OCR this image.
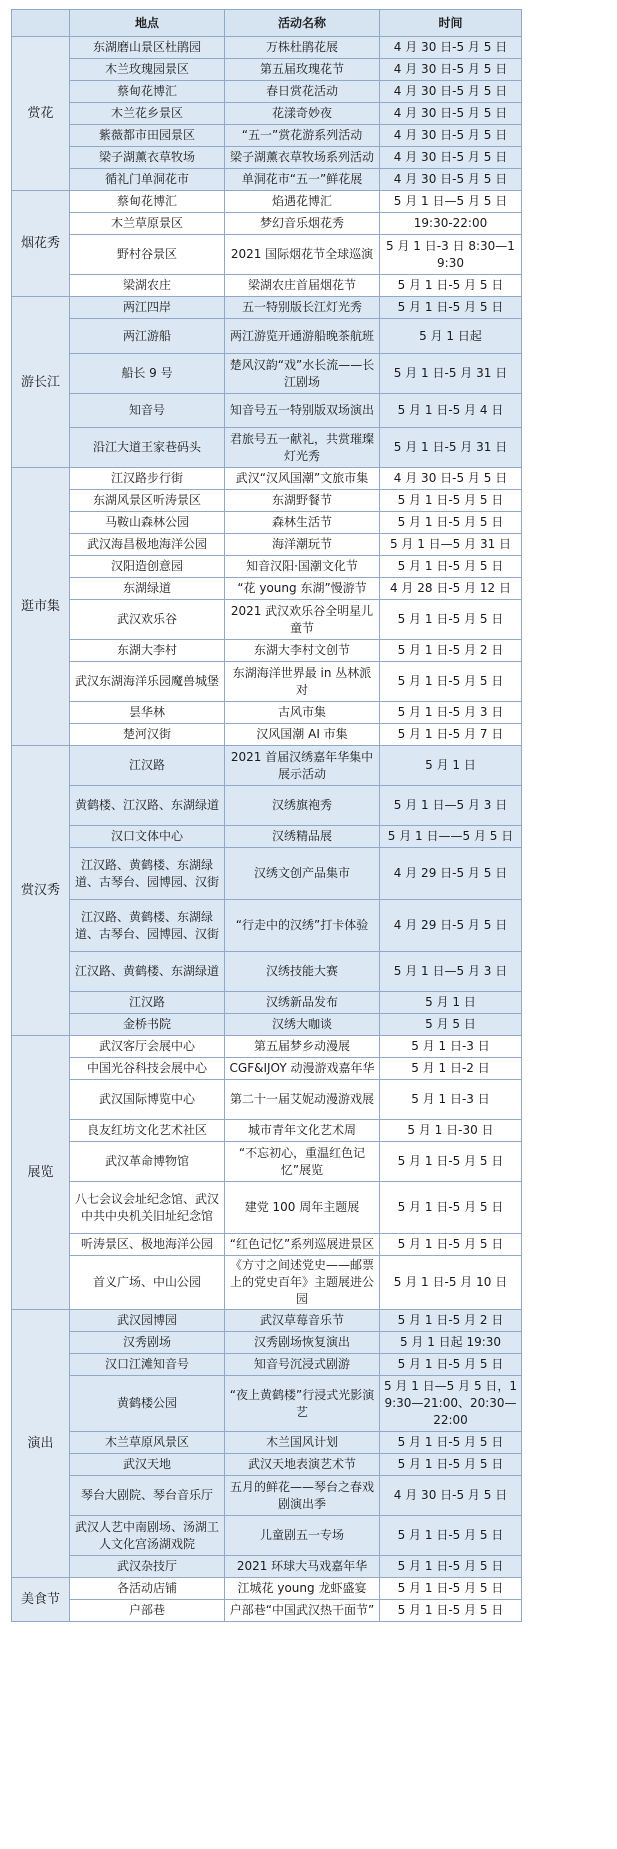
	地点	活动名称	时间
赏花	东湖磨山景区杜鹃园	万株杜鹃花展	4 月 30 日-5 月 5 日
	木兰玫瑰园景区	第五届玫瑰花节	4 月 30 日-5 月 5 日
	蔡甸花博汇	春日赏花活动	4 月 30 日-5 月 5 日
	木兰花乡景区	花漾奇妙夜	4 月 30 日-5 月 5 日
	紫薇都市田园景区	“五一”赏花游系列活动	4 月 30 日-5 月 5 日
	梁子湖薰衣草牧场	梁子湖薰衣草牧场系列活动	4 月 30 日-5 月 5 日
	循礼门单洞花市	单洞花市“五一”鲜花展	4 月 30 日-5 月 5 日
烟花秀	蔡甸花博汇	焰遇花博汇	5 月 1 日—5 月 5 日
	木兰草原景区	梦幻音乐烟花秀	19:30-22:00
	野村谷景区	2021 国际烟花节全球巡演	5 月 1 日-3 日 8:30—19:30
	梁湖农庄	梁湖农庄首届烟花节	5 月 1 日-5 月 5 日
游长江	两江四岸	五一特别版长江灯光秀	5 月 1 日-5 月 5 日
	两江游船	两江游览开通游船晚茶航班	5 月 1 日起
	船长 9 号	楚风汉韵“戏”水长流——长江剧场	5 月 1 日-5 月 31 日
	知音号	知音号五一特别版双场演出	5 月 1 日-5 月 4 日
	沿江大道王家巷码头	君旅号五一献礼，共赏璀璨灯光秀	5 月 1 日-5 月 31 日
逛市集	江汉路步行街	武汉“汉风国潮”文旅市集	4 月 30 日-5 月 5 日
	东湖风景区听涛景区	东湖野餐节	5 月 1 日-5 月 5 日
	马鞍山森林公园	森林生活节	5 月 1 日-5 月 5 日
	武汉海昌极地海洋公园	海洋潮玩节	5 月 1 日—5 月 31 日
	汉阳造创意园	知音汉阳·国潮文化节	5 月 1 日-5 月 5 日
	东湖绿道	“花 young 东湖”慢游节	4 月 28 日-5 月 12 日
	武汉欢乐谷	2021 武汉欢乐谷全明星儿童节	5 月 1 日-5 月 5 日
	东湖大李村	东湖大李村文创节	5 月 1 日-5 月 2 日
	武汉东湖海洋乐园魔兽城堡	东湖海洋世界最 in 丛林派对	5 月 1 日-5 月 5 日
	昙华林	古风市集	5 月 1 日-5 月 3 日
	楚河汉街	汉风国潮 AI 市集	5 月 1 日-5 月 7 日
赏汉秀	江汉路	2021 首届汉绣嘉年华集中展示活动	5 月 1 日
	黄鹤楼、江汉路、东湖绿道	汉绣旗袍秀	5 月 1 日—5 月 3 日
	汉口文体中心	汉绣精品展	5 月 1 日——5 月 5 日
	江汉路、黄鹤楼、东湖绿道、古琴台、园博园、汉街	汉绣文创产品集市	4 月 29 日-5 月 5 日
	江汉路、黄鹤楼、东湖绿道、古琴台、园博园、汉街	“行走中的汉绣”打卡体验	4 月 29 日-5 月 5 日
	江汉路、黄鹤楼、东湖绿道	汉绣技能大赛	5 月 1 日—5 月 3 日
	江汉路	汉绣新品发布	5 月 1 日
	金桥书院	汉绣大咖谈	5 月 5 日
展览	武汉客厅会展中心	第五届梦乡动漫展	5 月 1 日-3 日
	中国光谷科技会展中心	CGF&IJOY 动漫游戏嘉年华	5 月 1 日-2 日
	武汉国际博览中心	第二十一届艾妮动漫游戏展	5 月 1 日-3 日
	良友红坊文化艺术社区	城市青年文化艺术周	5 月 1 日-30 日
	武汉革命博物馆	“不忘初心，重温红色记忆”展览	5 月 1 日-5 月 5 日
	八七会议会址纪念馆、武汉中共中央机关旧址纪念馆	建党 100 周年主题展	5 月 1 日-5 月 5 日
	听涛景区、极地海洋公园	“红色记忆”系列巡展进景区	5 月 1 日-5 月 5 日
	首义广场、中山公园	《方寸之间述党史——邮票上的党史百年》主题展进公园	5 月 1 日-5 月 10 日
演出	武汉园博园	武汉草莓音乐节	5 月 1 日-5 月 2 日
	汉秀剧场	汉秀剧场恢复演出	5 月 1 日起 19:30
	汉口江滩知音号	知音号沉浸式剧游	5 月 1 日-5 月 5 日
	黄鹤楼公园	“夜上黄鹤楼”行浸式光影演艺	5 月 1 日—5 月 5 日，19:30—21:00、20:30—22:00
	木兰草原风景区	木兰国风计划	5 月 1 日-5 月 5 日
	武汉天地	武汉天地表演艺术节	5 月 1 日-5 月 5 日
	琴台大剧院、琴台音乐厅	五月的鲜花——琴台之春戏剧演出季	4 月 30 日-5 月 5 日
	武汉人艺中南剧场、汤湖工人文化宫汤湖戏院	儿童剧五一专场	5 月 1 日-5 月 5 日
	武汉杂技厅	2021 环球大马戏嘉年华	5 月 1 日-5 月 5 日
美食节	各活动店铺	江城花 young 龙虾盛宴	5 月 1 日-5 月 5 日
	户部巷	户部巷“中国武汉热干面节”	5 月 1 日-5 月 5 日
